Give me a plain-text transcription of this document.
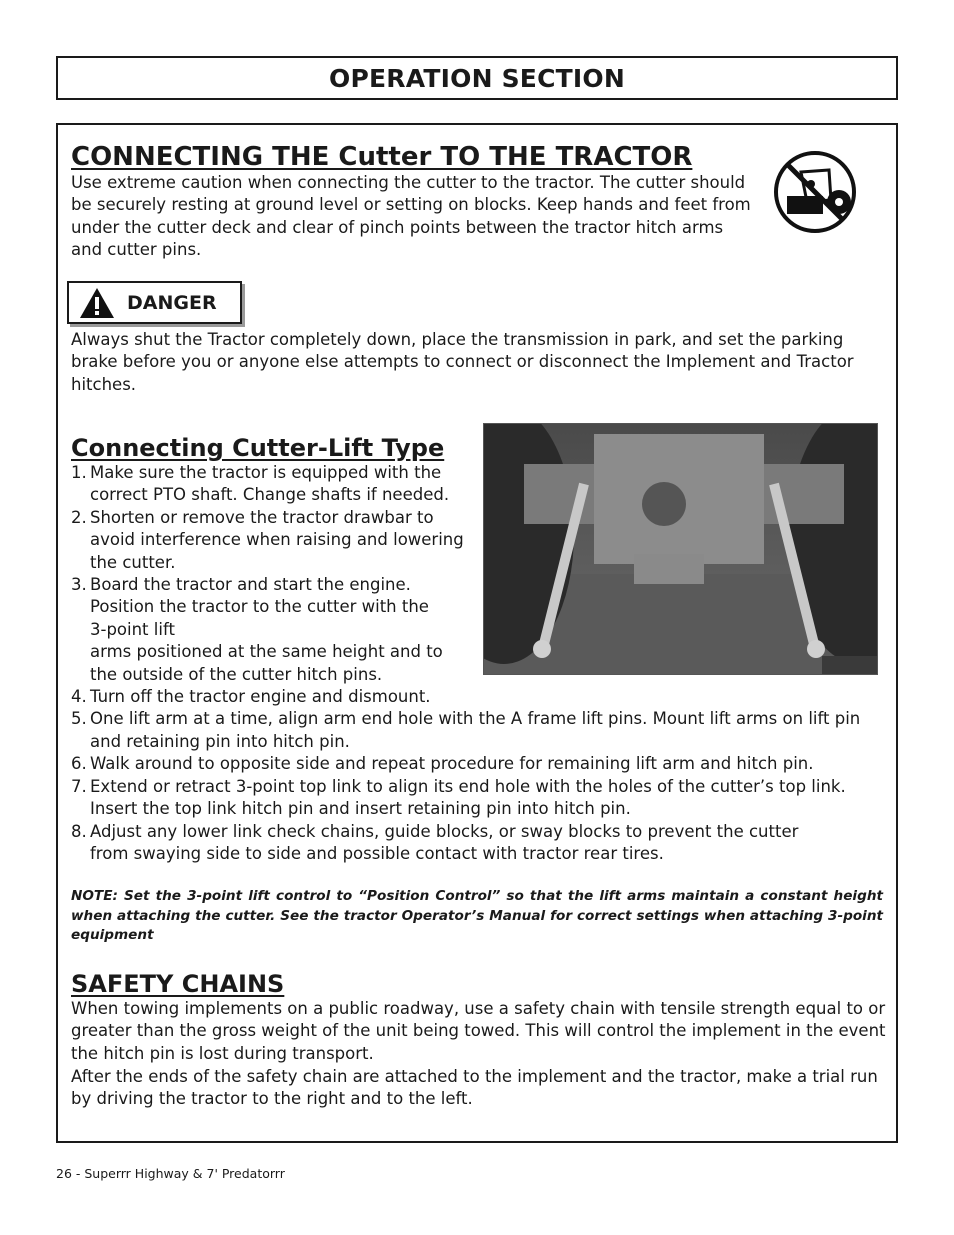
OPERATION SECTION
CONNECTING THE Cutter TO THE TRACTOR

Use extreme caution when connecting the cutter to the tractor. The cutter should be securely resting at ground level or setting on blocks. Keep hands and feet from under the cutter deck and clear of pinch points between the tractor hitch arms and cutter pins.

DANGER

Always shut the Tractor completely down, place the transmission in park, and set the parking brake before you or anyone else attempts to connect or disconnect the Implement and Tractor hitches.

Connecting Cutter-Lift Type
1. Make sure the tractor is equipped with the
correct PTO shaft. Change shafts if needed.
2. Shorten or remove the tractor drawbar to
avoid interference when raising and lowering
the cutter.
3. Board the tractor and start the engine.
Position the tractor to the cutter with the
3-point lift
arms positioned at the same height and to
the outside of the cutter hitch pins.
4. Turn off the tractor engine and dismount.
5. One lift arm at a time, align arm end hole with the A frame lift pins. Mount lift arms on lift pin
and retaining pin into hitch pin.
6. Walk around to opposite side and repeat procedure for remaining lift arm and hitch pin.
7. Extend or retract 3-point top link to align its end hole with the holes of the cutter’s top link.
Insert the top link hitch pin and insert retaining pin into hitch pin.
8. Adjust any lower link check chains, guide blocks, or sway blocks to prevent the cutter
from swaying side to side and possible contact with tractor rear tires.

NOTE: Set the 3-point lift control to “Position Control” so that the lift arms maintain a constant height when attaching the cutter. See the tractor Operator’s Manual for correct settings when attaching 3-point equipment

SAFETY CHAINS

When towing implements on a public roadway, use a safety chain with tensile strength equal to or greater than the gross weight of the unit being towed. This will control the implement in the event the hitch pin is lost during transport.

After the ends of the safety chain are attached to the implement and the tractor, make a trial run by driving the tractor to the right and to the left.

26 - Superrr Highway & 7' Predatorrr
